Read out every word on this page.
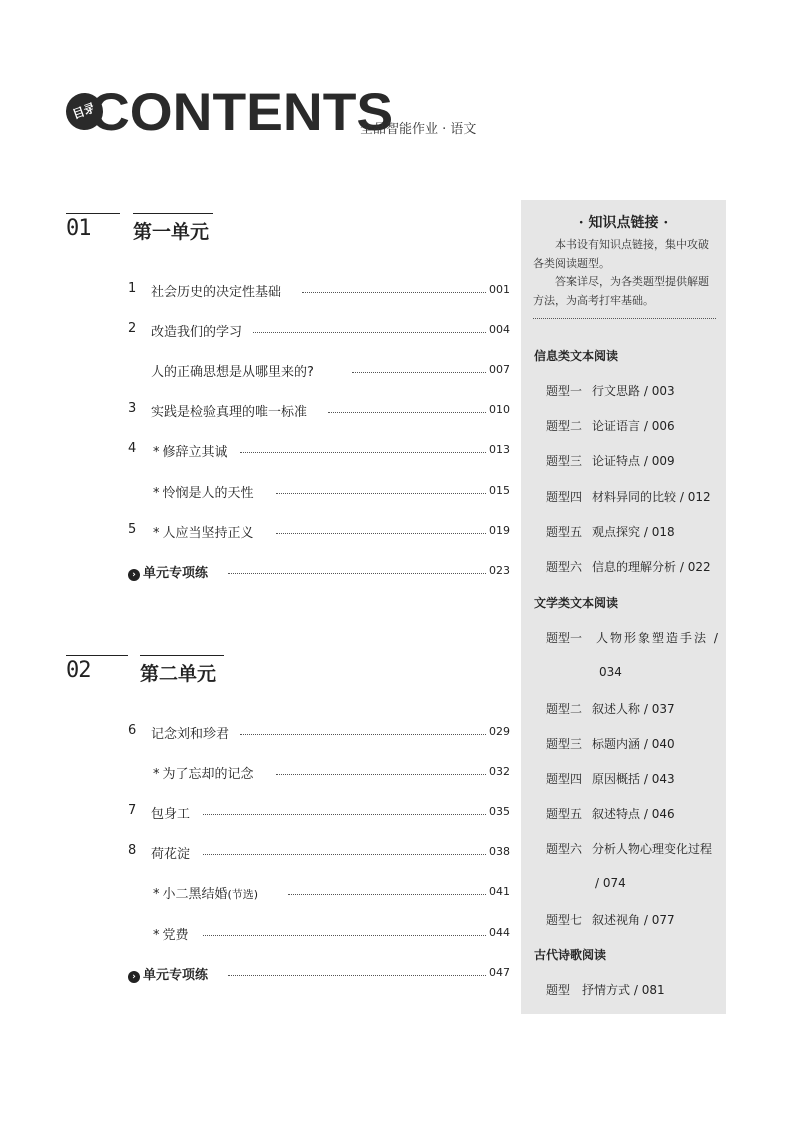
目录
CONTENTS
全品智能作业 · 语文
01	第一单元
02	第二单元
1 社会历史的决定性基础	001
2 改造我们的学习	004
人的正确思想是从哪里来的?	007
3 实践是检验真理的唯一标准	010
4 * 修辞立其诚	013
* 怜悯是人的天性	015
5 * 人应当坚持正义	019
› 单元专项练	023
6 记念刘和珍君	029
* 为了忘却的记念	032
7 包身工	035
8 荷花淀	038
* 小二黑结婚(节选)	041
* 党费	044
› 单元专项练	047
· 知识点链接 ·
本书设有知识点链接，集中攻破各类阅读题型。
答案详尽，为各类题型提供解题方法，为高考打牢基础。
信息类文本阅读
题型一 行文思路 / 003
题型二 论证语言 / 006
题型三 论证特点 / 009
题型四 材料异同的比较 / 012
题型五 观点探究 / 018
题型六 信息的理解分析 / 022
文学类文本阅读
题型一 人物形象塑造手法 /
034
题型二 叙述人称 / 037
题型三 标题内涵 / 040
题型四 原因概括 / 043
题型五 叙述特点 / 046
题型六 分析人物心理变化过程
/ 074
题型七 叙述视角 / 077
古代诗歌阅读
题型 抒情方式 / 081
